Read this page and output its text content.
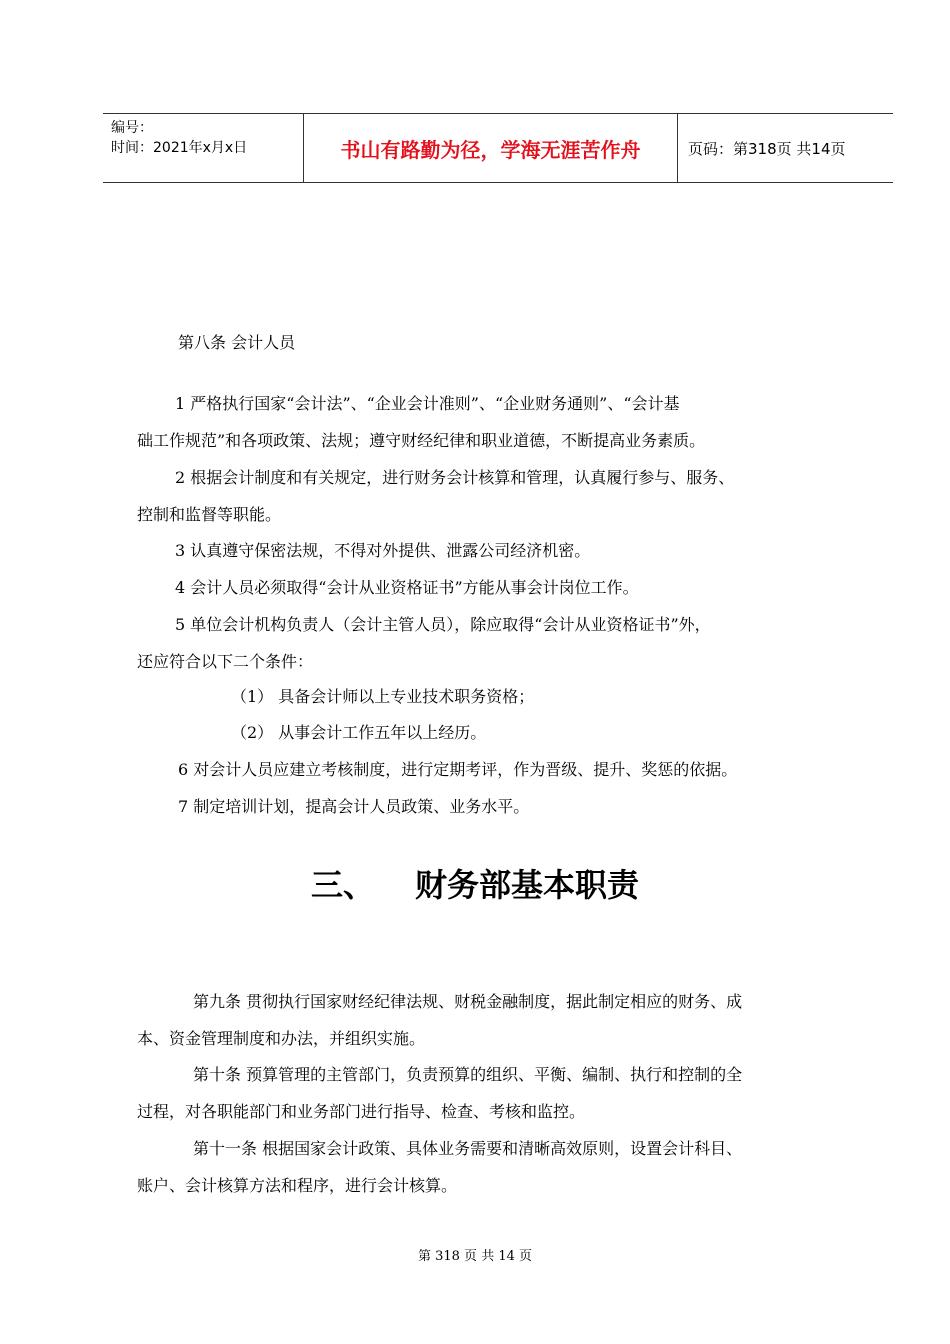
编号：
时间：2021年x月x日	书山有路勤为径，学海无涯苦作舟	页码：第318页 共14页
第八条 会计人员
1 严格执行国家“会计法”、“企业会计准则”、“企业财务通则”、“会计基
础工作规范”和各项政策、法规；遵守财经纪律和职业道德，不断提高业务素质。
2 根据会计制度和有关规定，进行财务会计核算和管理，认真履行参与、服务、
控制和监督等职能。
3 认真遵守保密法规，不得对外提供、泄露公司经济机密。
4 会计人员必须取得“会计从业资格证书”方能从事会计岗位工作。
5 单位会计机构负责人（会计主管人员），除应取得“会计从业资格证书”外，
还应符合以下二个条件：
（1） 具备会计师以上专业技术职务资格；
（2） 从事会计工作五年以上经历。
6 对会计人员应建立考核制度，进行定期考评，作为晋级、提升、奖惩的依据。
7 制定培训计划，提高会计人员政策、业务水平。
三、 财务部基本职责
第九条 贯彻执行国家财经纪律法规、财税金融制度，据此制定相应的财务、成
本、资金管理制度和办法，并组织实施。
第十条 预算管理的主管部门，负责预算的组织、平衡、编制、执行和控制的全
过程，对各职能部门和业务部门进行指导、检查、考核和监控。
第十一条 根据国家会计政策、具体业务需要和清晰高效原则，设置会计科目、
账户、会计核算方法和程序，进行会计核算。
第 318 页 共 14 页
